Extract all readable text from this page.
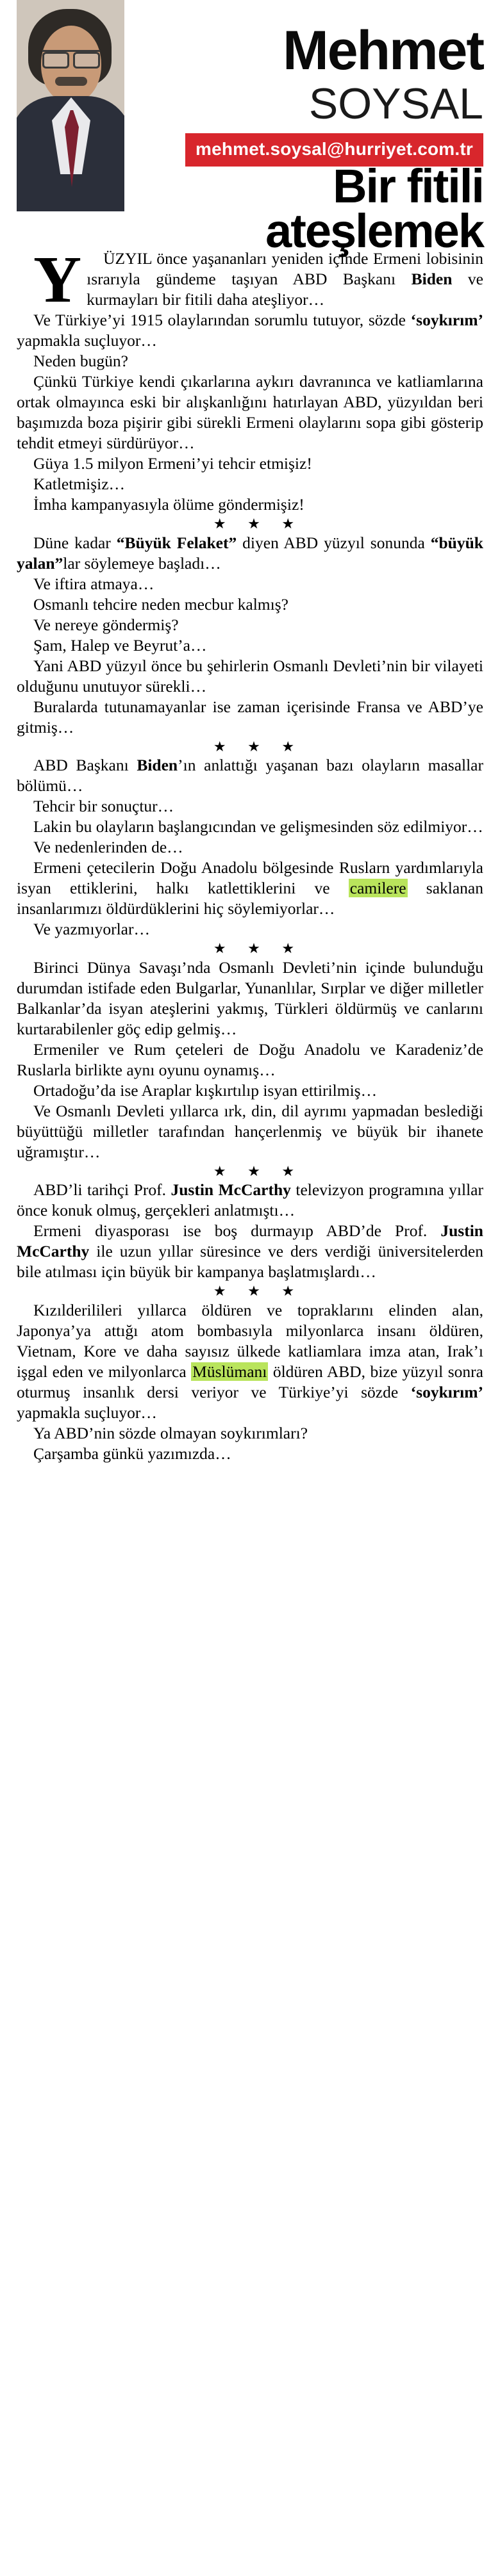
Mehmet
SOYSAL
mehmet.soysal@hurriyet.com.tr
Bir fitili
ateşlemek

Y	ÜZYIL önce yaşananları yeniden içinde Ermeni lobisinin ısrarıyla gündeme taşıyan ABD Başkanı Biden ve kurmayları bir fitili daha ateşliyor…

Ve Türkiye’yi 1915 olaylarından sorumlu tutuyor, sözde ‘soykırım’ yapmakla suçluyor…

Neden bugün?

Çünkü Türkiye kendi çıkarlarına aykırı davranınca ve katliamlarına ortak olmayınca eski bir alışkanlığını hatırlayan ABD, yüzyıldan beri başımızda boza pişirir gibi sürekli Ermeni olaylarını sopa gibi gösterip tehdit etmeyi sürdürüyor…

Güya 1.5 milyon Ermeni’yi tehcir etmişiz!

Katletmişiz…

İmha kampanyasıyla ölüme göndermişiz!

★ ★ ★

Düne kadar “Büyük Felaket” diyen ABD yüzyıl sonunda “büyük yalan”lar söylemeye başladı…

Ve iftira atmaya…

Osmanlı tehcire neden mecbur kalmış?

Ve nereye göndermiş?

Şam, Halep ve Beyrut’a…

Yani ABD yüzyıl önce bu şehirlerin Osmanlı Devleti’nin bir vilayeti olduğunu unutuyor sürekli…

Buralarda tutunamayanlar ise zaman içerisinde Fransa ve ABD’ye gitmiş…

★ ★ ★

ABD Başkanı Biden’ın anlattığı yaşanan bazı olayların masallar bölümü…

Tehcir bir sonuçtur…

Lakin bu olayların başlangıcından ve gelişmesinden söz edilmiyor…

Ve nedenlerinden de…

Ermeni çetecilerin Doğu Anadolu bölgesinde Ruslarn yardımlarıyla isyan ettiklerini, halkı katlettiklerini ve camilere saklanan insanlarımızı öldürdüklerini hiç söylemiyorlar…

Ve yazmıyorlar…

★ ★ ★

Birinci Dünya Savaşı’nda Osmanlı Devleti’nin içinde bulunduğu durumdan istifade eden Bulgarlar, Yunanlılar, Sırplar ve diğer milletler Balkanlar’da isyan ateşlerini yakmış, Türkleri öldürmüş ve canlarını kurtarabilenler göç edip gelmiş…

Ermeniler ve Rum çeteleri de Doğu Anadolu ve Karadeniz’de Ruslarla birlikte aynı oyunu oynamış…

Ortadoğu’da ise Araplar kışkırtılıp isyan ettirilmiş…

Ve Osmanlı Devleti yıllarca ırk, din, dil ayrımı yapmadan beslediği büyüttüğü milletler tarafından hançerlenmiş ve büyük bir ihanete uğramıştır…

★ ★ ★

ABD’li tarihçi Prof. Justin McCarthy televizyon programına yıllar önce konuk olmuş, gerçekleri anlatmıştı…

Ermeni diyasporası ise boş durmayıp ABD’de Prof. Justin McCarthy ile uzun yıllar süresince ve ders verdiği üniversitelerden bile atılması için büyük bir kampanya başlatmışlardı…

★ ★ ★

Kızılderilileri yıllarca öldüren ve topraklarını elinden alan, Japonya’ya attığı atom bombasıyla milyonlarca insanı öldüren, Vietnam, Kore ve daha sayısız ülkede katliamlara imza atan, Irak’ı işgal eden ve milyonlarca Müslümanı öldüren ABD, bize yüzyıl sonra oturmuş insanlık dersi veriyor ve Türkiye’yi sözde ‘soykırım’ yapmakla suçluyor…

Ya ABD’nin sözde olmayan soykırımları?

Çarşamba günkü yazımızda…
